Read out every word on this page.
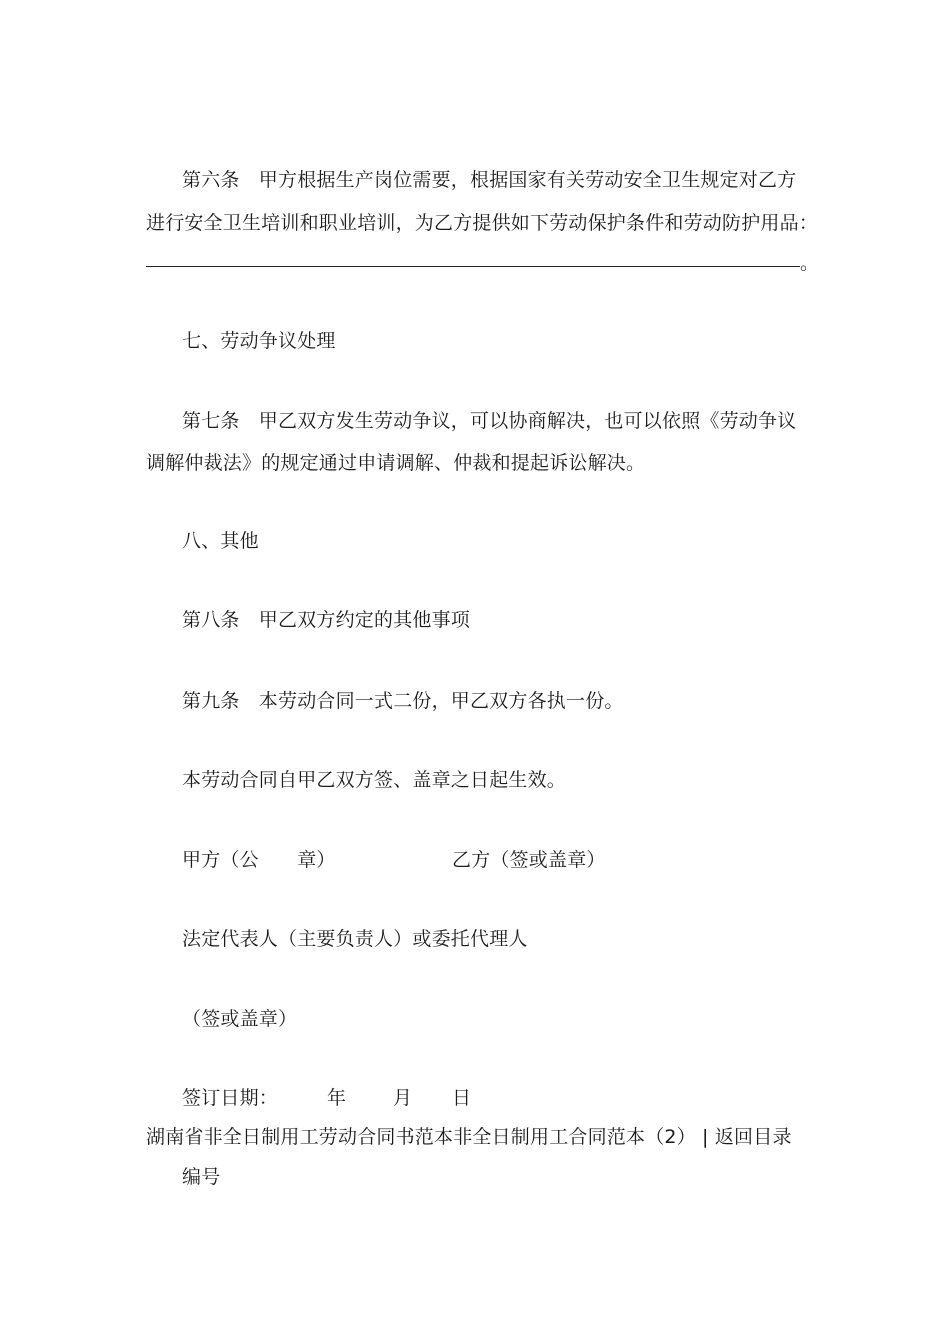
第六条　甲方根据生产岗位需要，根据国家有关劳动安全卫生规定对乙方
进行安全卫生培训和职业培训，为乙方提供如下劳动保护条件和劳动防护用品：
。
七、劳动争议处理
第七条　甲乙双方发生劳动争议，可以协商解决，也可以依照《劳动争议
调解仲裁法》的规定通过申请调解、仲裁和提起诉讼解决。
八、其他
第八条　甲乙双方约定的其他事项
第九条　本劳动合同一式二份，甲乙双方各执一份。
本劳动合同自甲乙双方签、盖章之日起生效。
甲方（公　　章）	乙方（签或盖章）
法定代表人（主要负责人）或委托代理人
（签或盖章）
签订日期：	年 月 日
湖南省非全日制用工劳动合同书范本非全日制用工合同范本（2） | 返回目录
编号
